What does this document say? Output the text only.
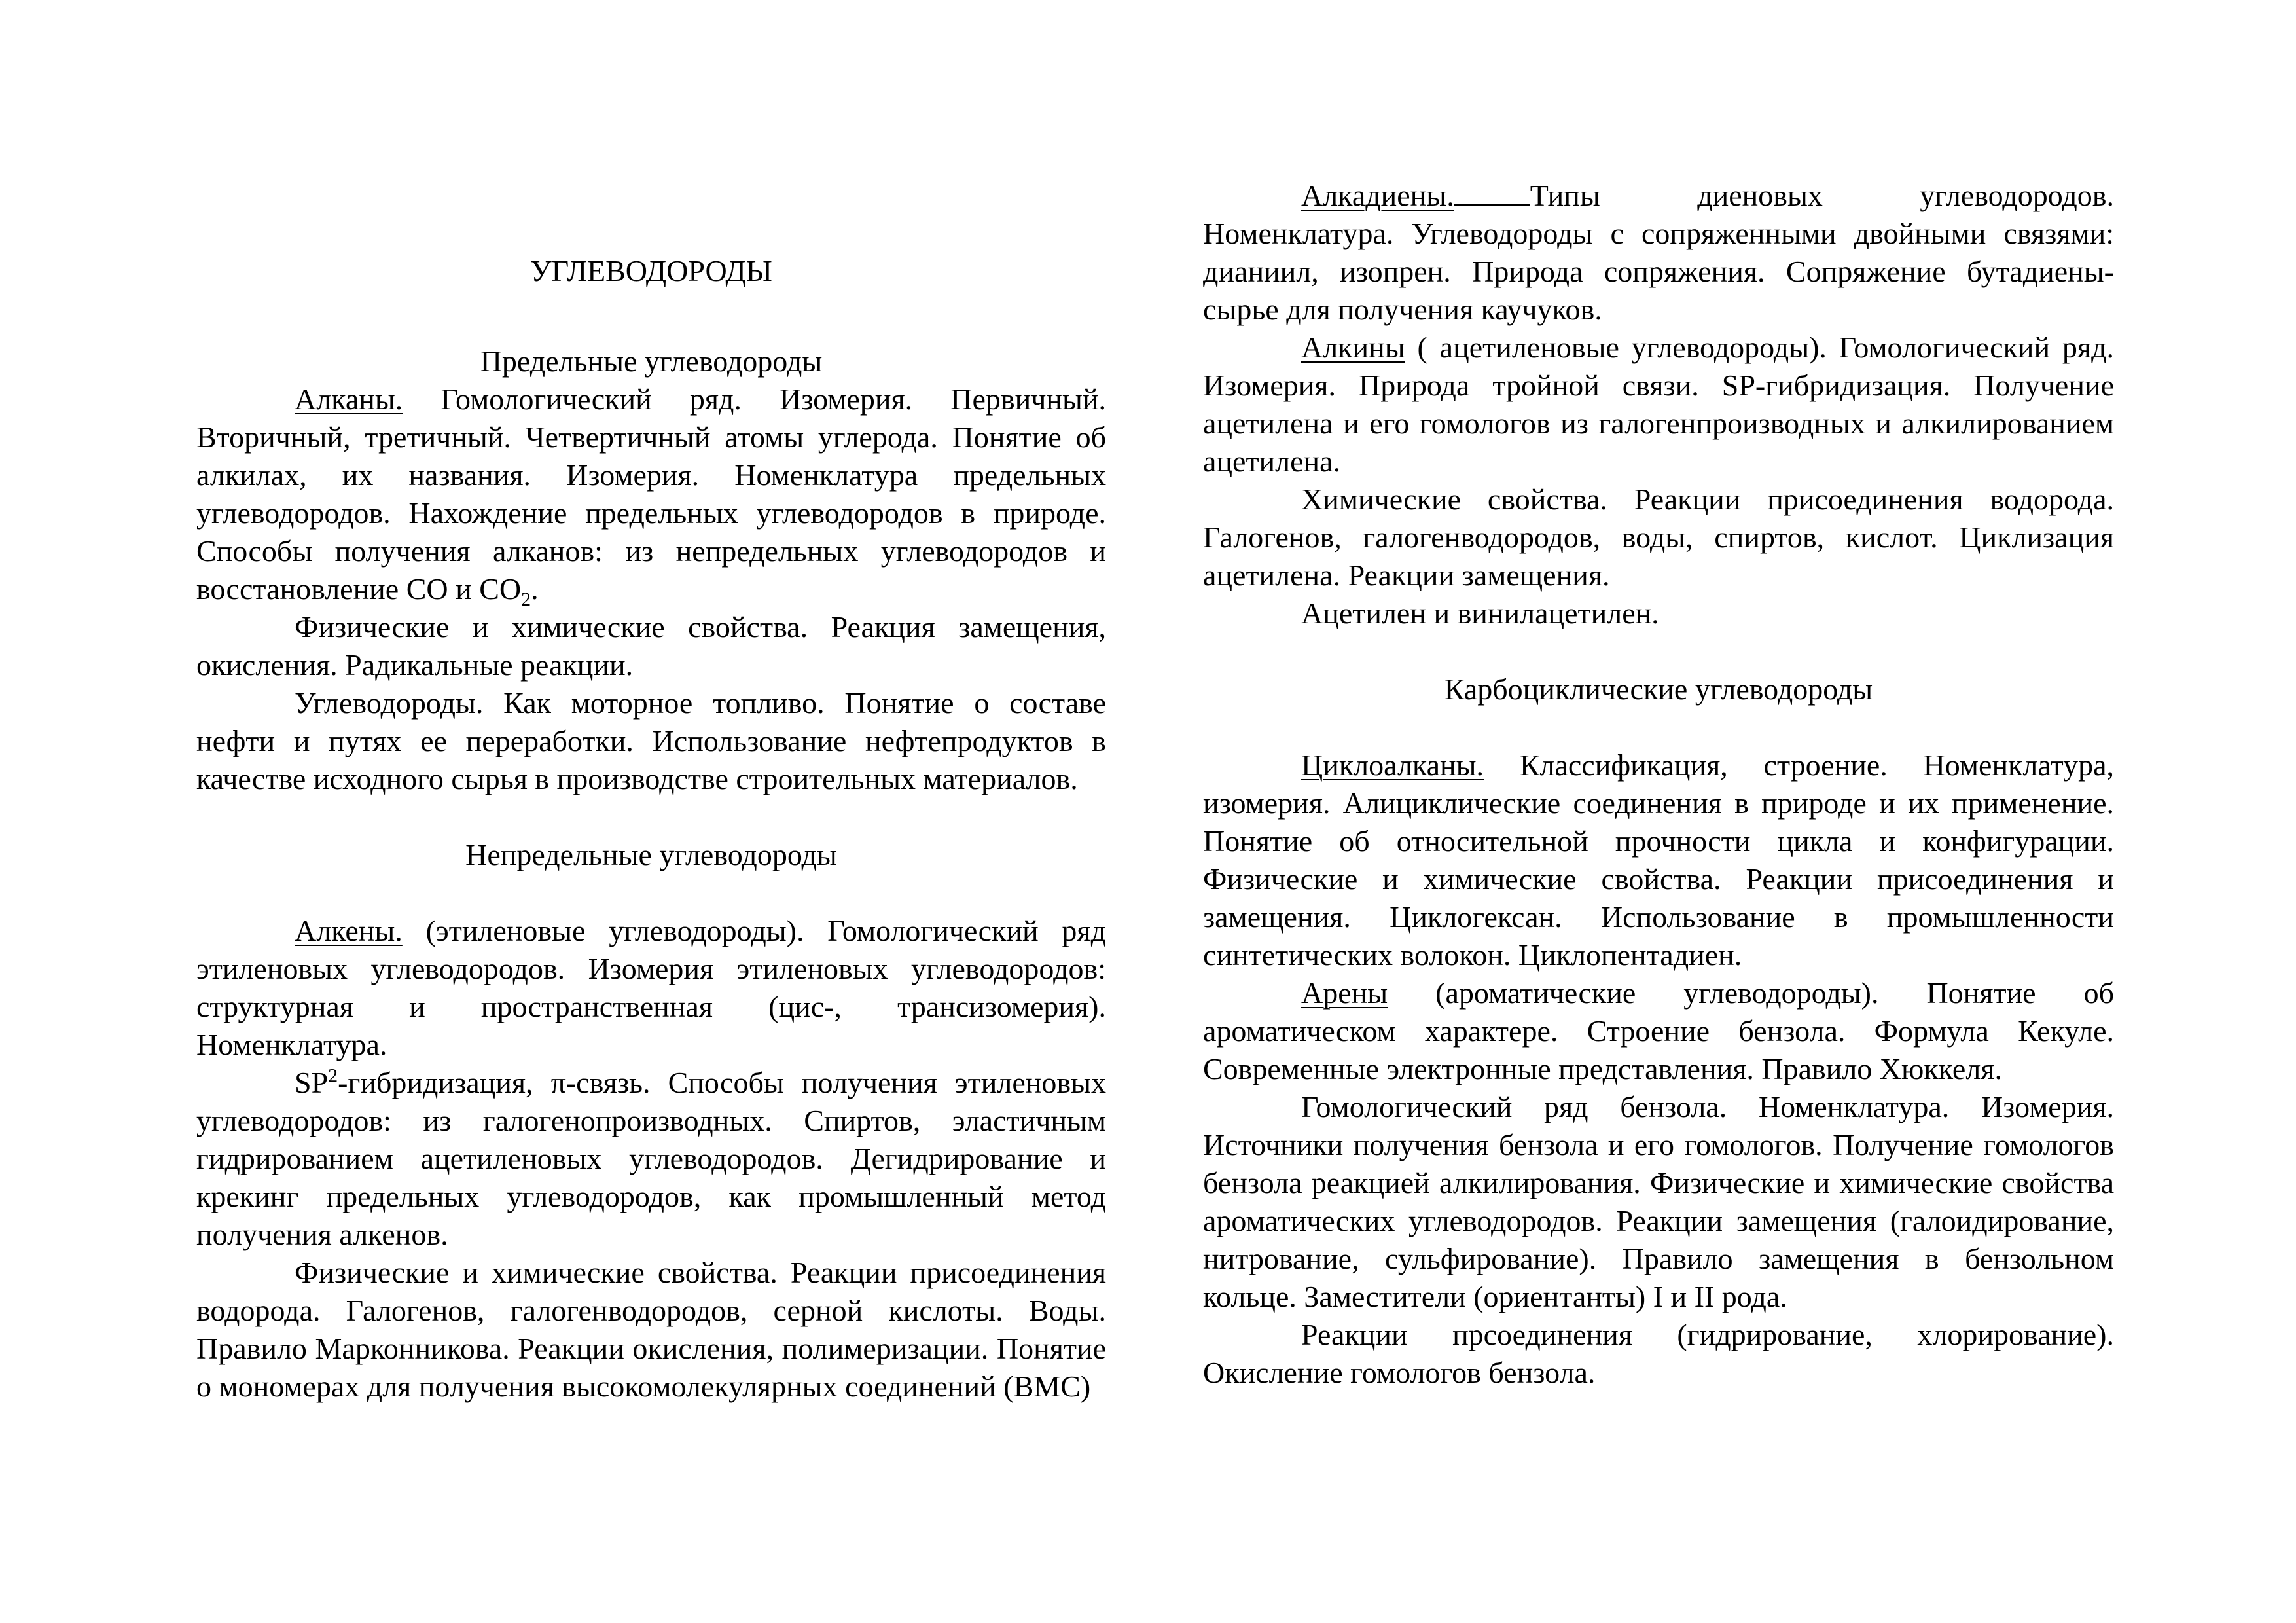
УГЛЕВОДОРОДЫ

Предельные углеводороды

Алканы. Гомологический ряд. Изомерия. Первичный. Вторичный, третичный. Четвертичный атомы углерода. Понятие об алкилах, их названия. Изомерия. Номенклатура предельных углеводородов. Нахождение предельных углеводородов в природе. Способы получения алканов: из непредельных углеводородов и восстановление СО и $СО_2$.

Физические и химические свойства. Реакция замещения, окисления. Радикальные реакции.

Углеводороды. Как моторное топливо. Понятие о составе нефти и путях ее переработки. Использование нефтепродуктов в качестве исходного сырья в производстве строительных материалов.

Непредельные углеводороды

Алкены. (этиленовые углеводороды). Гомологический ряд этиленовых углеводородов. Изомерия этиленовых углеводородов: структурная и пространственная (цис-, трансизомерия). Номенклатура.

$SP^2$-гибридизация, π-связь. Способы получения этиленовых углеводородов: из галогенопроизводных. Спиртов, эластичным гидрированием ацетиленовых углеводородов. Дегидрирование и крекинг предельных углеводородов, как промышленный метод получения алкенов.

Физические и химические свойства. Реакции присоединения водорода. Галогенов, галогенводородов, серной кислоты. Воды. Правило Марконникова. Реакции окисления, полимеризации. Понятие о мономерах для получения высокомолекулярных соединений (ВМС)

Алкадиены.	Типы диеновых углеводородов. Номенклатура. Углеводороды с сопряженными двойными связями: дианиил, изопрен. Природа сопряжения. Сопряжение бутадиены-сырье для получения каучуков.

Алкины ( ацетиленовые углеводороды). Гомологический ряд. Изомерия. Природа тройной связи. SP-гибридизация. Получение ацетилена и его гомологов из галогенпроизводных и алкилированием ацетилена.

Химические свойства. Реакции присоединения водорода. Галогенов, галогенводородов, воды, спиртов, кислот. Циклизация ацетилена. Реакции замещения.

Ацетилен и винилацетилен.

Карбоциклические углеводороды

Циклоалканы. Классификация, строение. Номенклатура, изомерия. Алициклические соединения в природе и их применение. Понятие об относительной прочности цикла и конфигурации. Физические и химические свойства. Реакции присоединения и замещения. Циклогексан. Использование в промышленности синтетических волокон. Циклопентадиен.

Арены (ароматические углеводороды). Понятие об ароматическом характере. Строение бензола. Формула Кекуле. Современные электронные представления. Правило Хюккеля.

Гомологический ряд бензола. Номенклатура. Изомерия. Источники получения бензола и его гомологов. Получение гомологов бензола реакцией алкилирования. Физические и химические свойства ароматических углеводородов. Реакции замещения (галоидирование, нитрование, сульфирование). Правило замещения в бензольном кольце. Заместители (ориентанты) I и II рода.

Реакции прсоединения (гидрирование, хлорирование). Окисление гомологов бензола.
